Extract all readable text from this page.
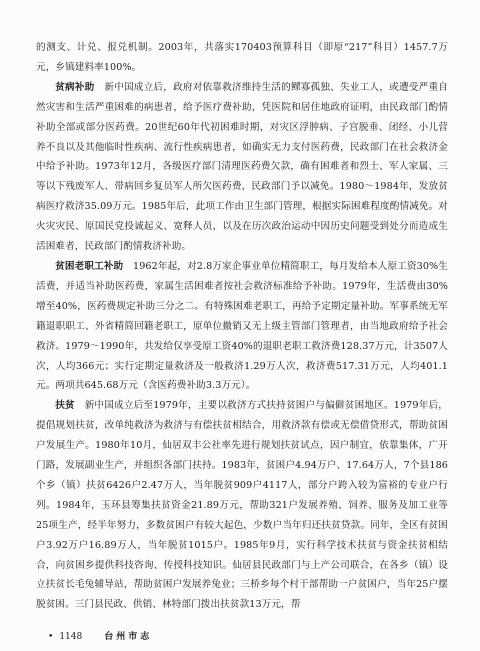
的测支、计兑、报兑机制。2003年，共落实170403预算科目（即原“217”科目）1457.7万元，乡镇建料率100%。

贫病补助  新中国成立后，政府对依靠救济维持生活的鳏寡孤独、失业工人，或遭受严重自然灾害和生活严重困难的病患者，给予医疗费补助，凭医院和居住地政府证明，由民政部门酌情补助全部或部分医药费。20世纪60年代初困难时期，对灾区浮肿病、子宫脱垂、闭经、小儿营养不良以及其他临时性疾病、流行性疾病患者，如确实无力支付医药费，民政部门在社会救济金中给予补助。1973年12月，各级医疗部门清理医药费欠款，确有困难者和烈士、军人家属、三等以下残废军人、带病回乡复员军人所欠医药费，民政部门予以减免。1980～1984年，发放贫病医疗救济35.09万元。1985年后，此项工作由卫生部门管理，根据实际困难程度酌情减免。对火灾灾民、原国民党投诚起义、宽释人员，以及在历次政治运动中因历史问题受到处分而造成生活困难者，民政部门酌情救济补助。

贫困老职工补助  1962年起，对2.8万家企事业单位精简职工，每月发给本人原工资30%生活费，并适当补助医药费，家属生活困难者按社会救济标准给予补助。1979年，生活费由30%增至40%，医药费规定补助三分之二。有特殊困难老职工，再给予定期定量补助。军事系统无军籍退职职工、外省精简回籍老职工，原单位撤销又无上级主管部门管理者，由当地政府给予社会救济。1979～1990年，共发给仅享受原工资40%的退职老职工救济费128.37万元，计3507人次，人均366元；实行定期定量救济及一般救济1.29万人次，救济费517.31万元，人均401.1元。两项共645.68万元（含医药费补助3.3万元）。

扶贫  新中国成立后至1979年，主要以救济方式扶持贫困户与偏僻贫困地区。1979年后，提倡规划扶贫，改单纯救济为救济与有偿扶贫相结合，用救济款有偿或无偿借贷形式，帮助贫困户发展生产。1980年10月，仙居双丰公社率先进行规划扶贫试点，因户制宜，依靠集体，广开门路，发展副业生产，并组织各部门扶持。1983年，贫困户4.94万户、17.64万人，7个县186个乡（镇）扶贫6426户2.47万人，当年脱贫909户4117人，部分户跨入较为富裕的专业户行列。1984年，玉环县筹集扶贫资金21.89万元，帮助321户发展养殖、饲养、服务及加工业等25项生产，经半年努力，多数贫困户有较大起色，少数户当年归还扶贫贷款。同年，全区有贫困户3.92万户16.89万人，当年脱贫1015户。1985年9月，实行科学技术扶贫与资金扶贫相结合，向贫困乡提供科技咨询、传授科技知识。仙居县民政部门与上产公司联合，在各乡（镇）设立扶贫长毛兔辅导站，帮助贫困户发展养兔业；三桥乡每个村干部帮助一户贫困户，当年25户摆脱贫困。三门县民政、供销、林特部门拨出扶贫款13万元，帮

• 1148 台州市志
